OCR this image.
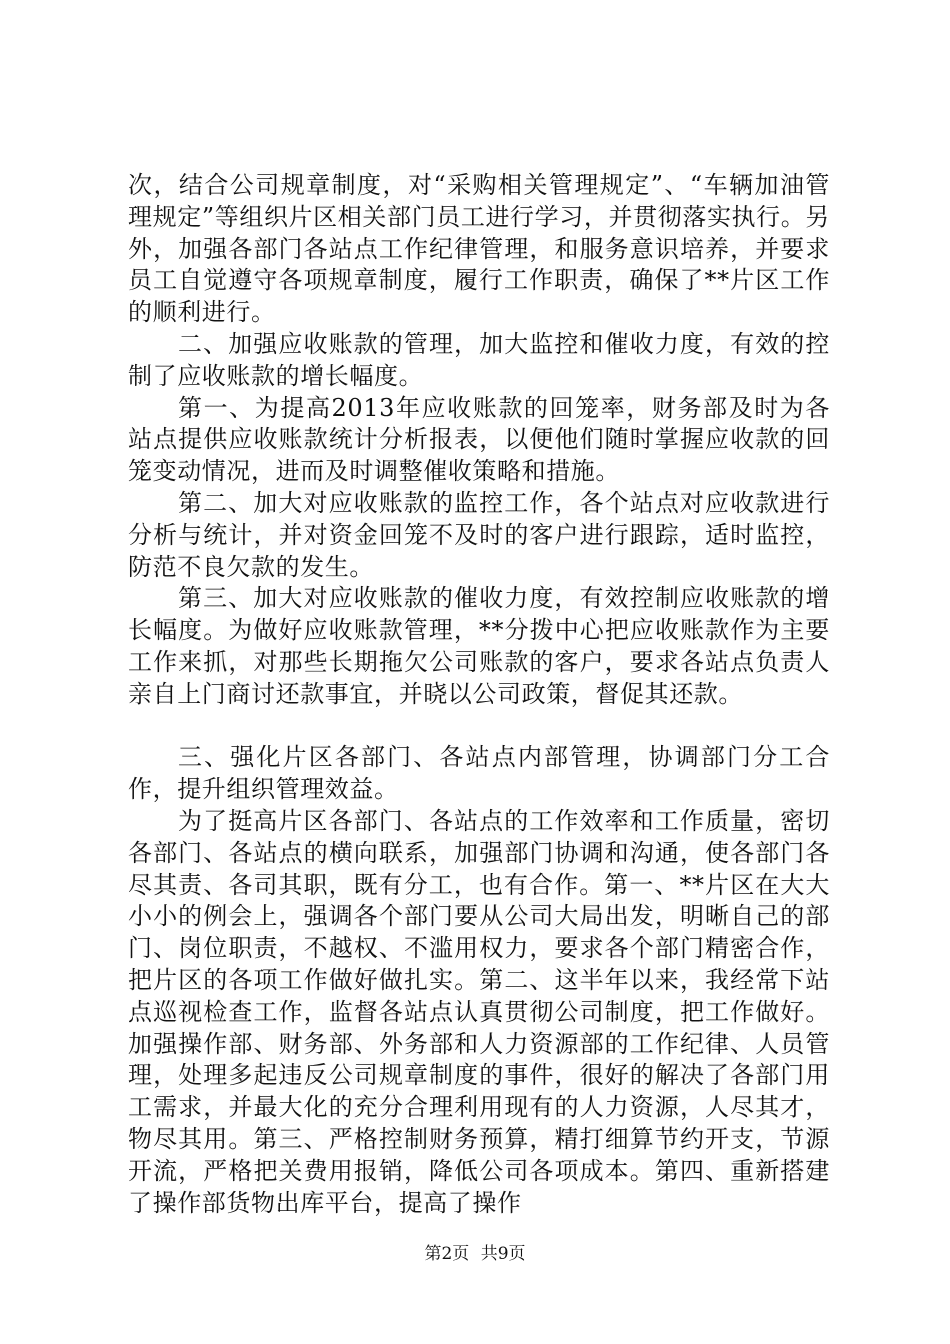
次，结合公司规章制度，对“采购相关管理规定”、“车辆加油管理规定”等组织片区相关部门员工进行学习，并贯彻落实执行。另外，加强各部门各站点工作纪律管理，和服务意识培养，并要求员工自觉遵守各项规章制度，履行工作职责，确保了**片区工作的顺利进行。

二、加强应收账款的管理，加大监控和催收力度，有效的控制了应收账款的增长幅度。

第一、为提高2013年应收账款的回笼率，财务部及时为各站点提供应收账款统计分析报表，以便他们随时掌握应收款的回笼变动情况，进而及时调整催收策略和措施。

第二、加大对应收账款的监控工作，各个站点对应收款进行分析与统计，并对资金回笼不及时的客户进行跟踪，适时监控，防范不良欠款的发生。

第三、加大对应收账款的催收力度，有效控制应收账款的增长幅度。为做好应收账款管理，**分拨中心把应收账款作为主要工作来抓，对那些长期拖欠公司账款的客户，要求各站点负责人亲自上门商讨还款事宜，并晓以公司政策，督促其还款。

三、强化片区各部门、各站点内部管理，协调部门分工合作，提升组织管理效益。

为了挺高片区各部门、各站点的工作效率和工作质量，密切各部门、各站点的横向联系，加强部门协调和沟通，使各部门各尽其责、各司其职，既有分工，也有合作。第一、**片区在大大小小的例会上，强调各个部门要从公司大局出发，明晰自己的部门、岗位职责，不越权、不滥用权力，要求各个部门精密合作，把片区的各项工作做好做扎实。第二、这半年以来，我经常下站点巡视检查工作，监督各站点认真贯彻公司制度，把工作做好。加强操作部、财务部、外务部和人力资源部的工作纪律、人员管理，处理多起违反公司规章制度的事件，很好的解决了各部门用工需求，并最大化的充分合理利用现有的人力资源，人尽其才，物尽其用。第三、严格控制财务预算，精打细算节约开支，节源开流，严格把关费用报销，降低公司各项成本。第四、重新搭建了操作部货物出库平台，提高了操作

第2页 共9页
